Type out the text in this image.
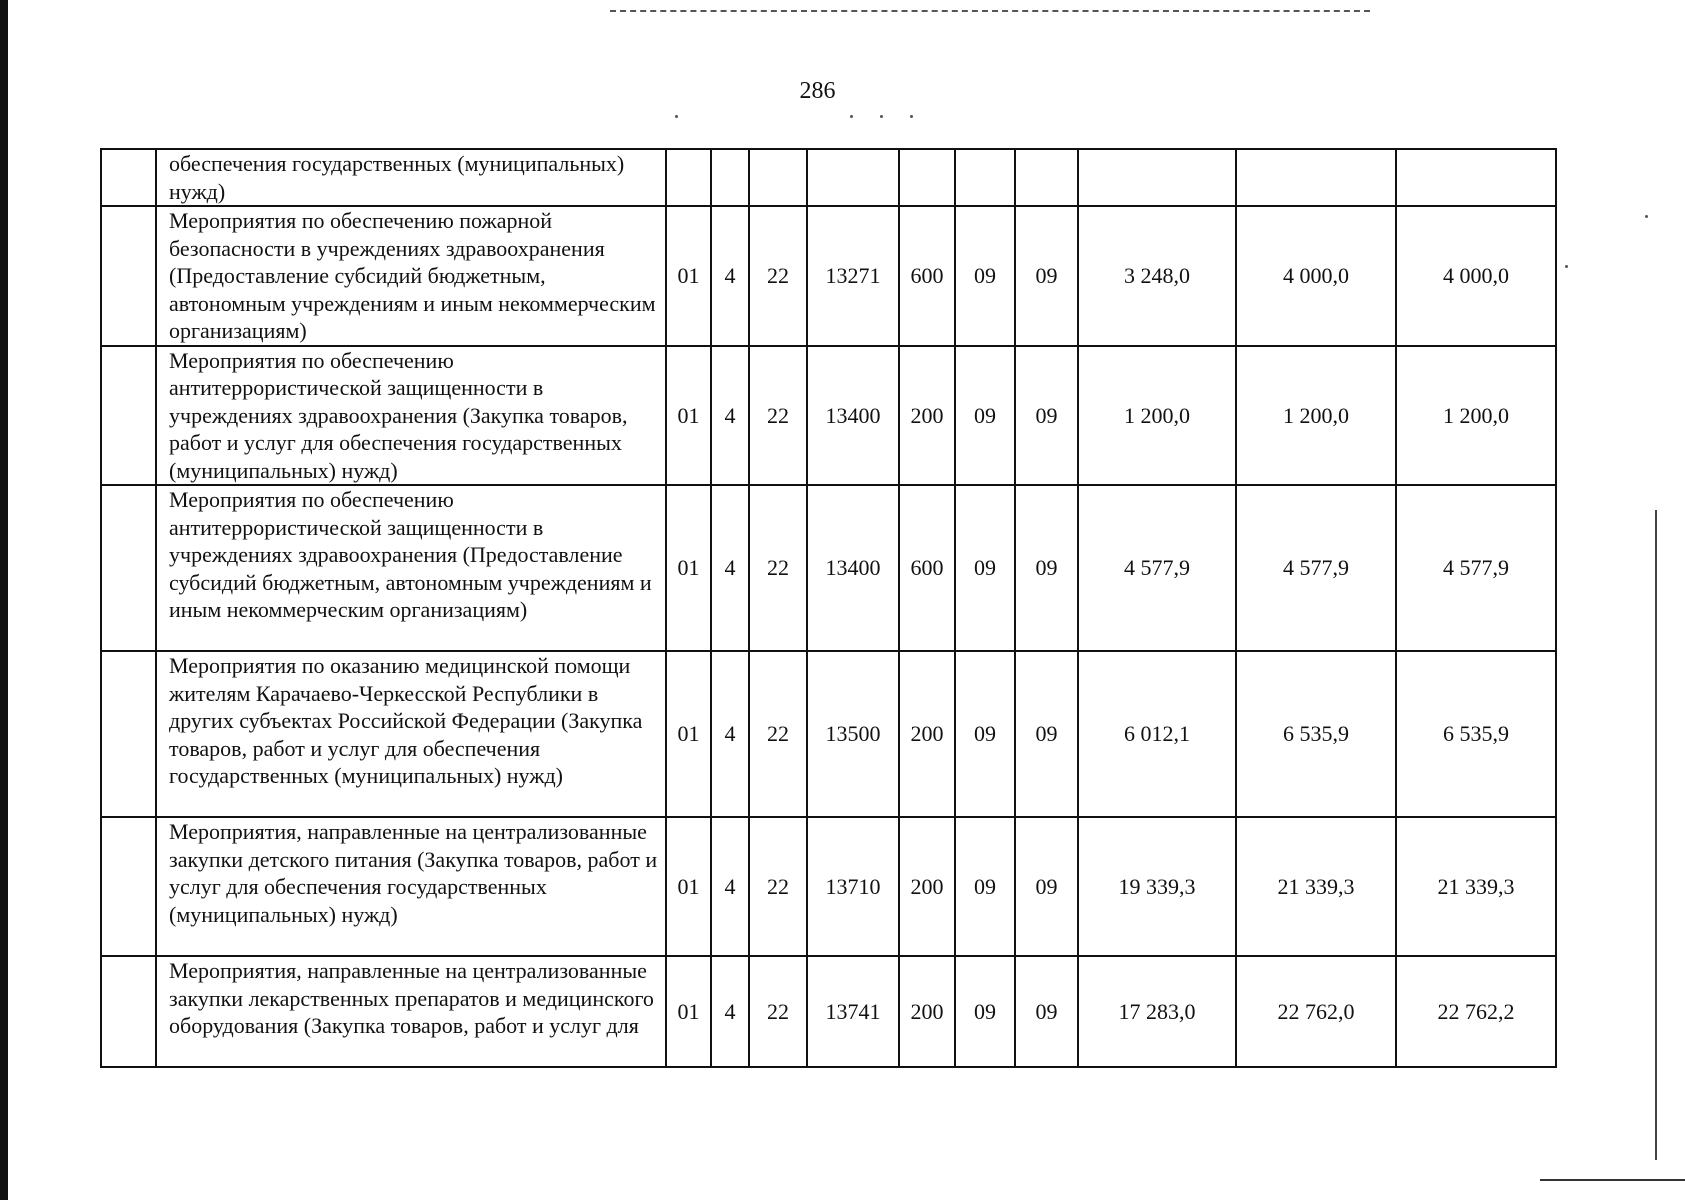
286
	обеспечения государственных (муниципальных) нужд)										
	Мероприятия по обеспечению пожарной безопасности в учреждениях здравоохранения (Предоставление субсидий бюджетным, автономным учреждениям и иным некоммерческим организациям)	01	4	22	13271	600	09	09	3 248,0	4 000,0	4 000,0
	Мероприятия по обеспечению антитеррористической защищенности в учреждениях здравоохранения (Закупка товаров, работ и услуг для обеспечения государственных (муниципальных) нужд)	01	4	22	13400	200	09	09	1 200,0	1 200,0	1 200,0
	Мероприятия по обеспечению антитеррористической защищенности в учреждениях здравоохранения (Предоставление субсидий бюджетным, автономным учреждениям и иным некоммерческим организациям)	01	4	22	13400	600	09	09	4 577,9	4 577,9	4 577,9
	Мероприятия по оказанию медицинской помощи жителям Карачаево-Черкесской Республики в других субъектах Российской Федерации (Закупка товаров, работ и услуг для обеспечения государственных (муниципальных) нужд)	01	4	22	13500	200	09	09	6 012,1	6 535,9	6 535,9
	Мероприятия, направленные на централизованные закупки детского питания (Закупка товаров, работ и услуг для обеспечения государственных (муниципальных) нужд)	01	4	22	13710	200	09	09	19 339,3	21 339,3	21 339,3
	Мероприятия, направленные на централизованные закупки лекарственных препаратов и медицинского оборудования (Закупка товаров, работ и услуг для	01	4	22	13741	200	09	09	17 283,0	22 762,0	22 762,2
